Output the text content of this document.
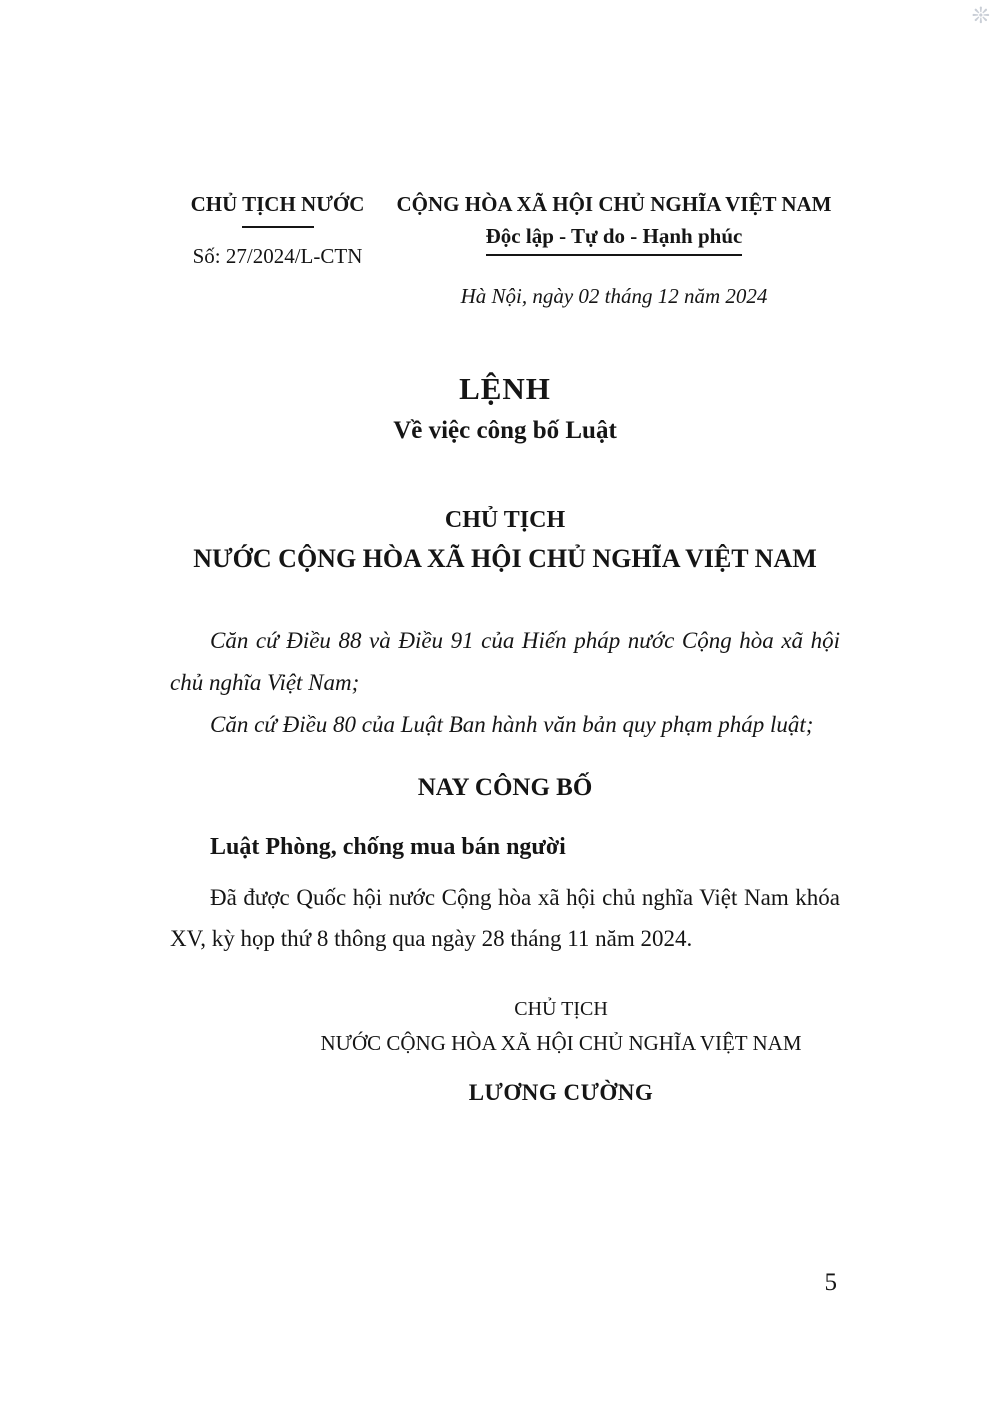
❊
CHỦ TỊCH NƯỚC
Số: 27/2024/L-CTN
CỘNG HÒA XÃ HỘI CHỦ NGHĨA VIỆT NAM
Độc lập - Tự do - Hạnh phúc
Hà Nội, ngày 02 tháng 12 năm 2024
LỆNH
Về việc công bố Luật
CHỦ TỊCH
NƯỚC CỘNG HÒA XÃ HỘI CHỦ NGHĨA VIỆT NAM

Căn cứ Điều 88 và Điều 91 của Hiến pháp nước Cộng hòa xã hội chủ nghĩa Việt Nam;

Căn cứ Điều 80 của Luật Ban hành văn bản quy phạm pháp luật;

NAY CÔNG BỐ
Luật Phòng, chống mua bán người

Đã được Quốc hội nước Cộng hòa xã hội chủ nghĩa Việt Nam khóa XV, kỳ họp thứ 8 thông qua ngày 28 tháng 11 năm 2024.

CHỦ TỊCH
NƯỚC CỘNG HÒA XÃ HỘI CHỦ NGHĨA VIỆT NAM
LƯƠNG CƯỜNG
5
